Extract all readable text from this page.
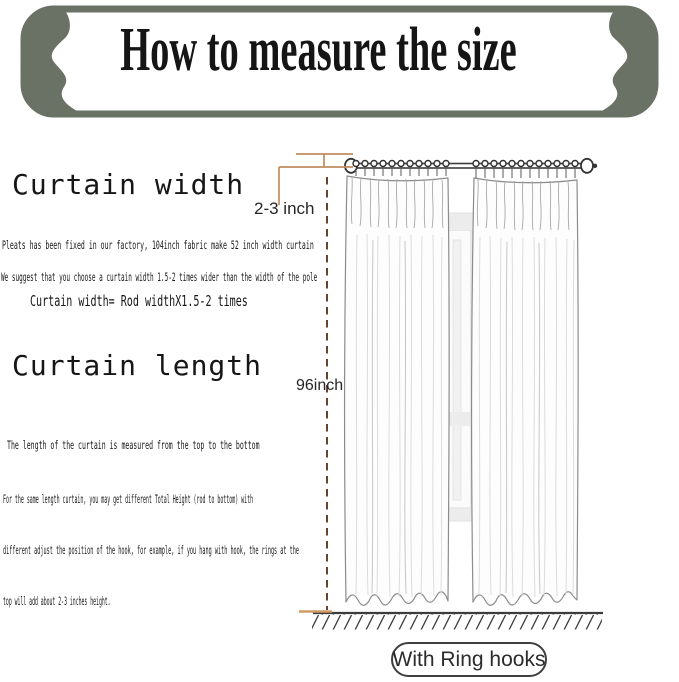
How to measure the size
Curtain width
Pleats has been fixed in our factory, 104inch fabric make 52 inch width curtain
We suggest that you choose a curtain width 1.5-2 times wider than the width of the pole
Curtain width= Rod widthX1.5-2 times
Curtain length
The length of the curtain is measured from the top to the bottom
For the same length curtain, you may get different Total Height (rod to bottom) with
different adjust the position of the hook, for example, if you hang with hook, the rings at the
top will add about 2-3 inches height.
2-3 inch
96inch
With Ring hooks
